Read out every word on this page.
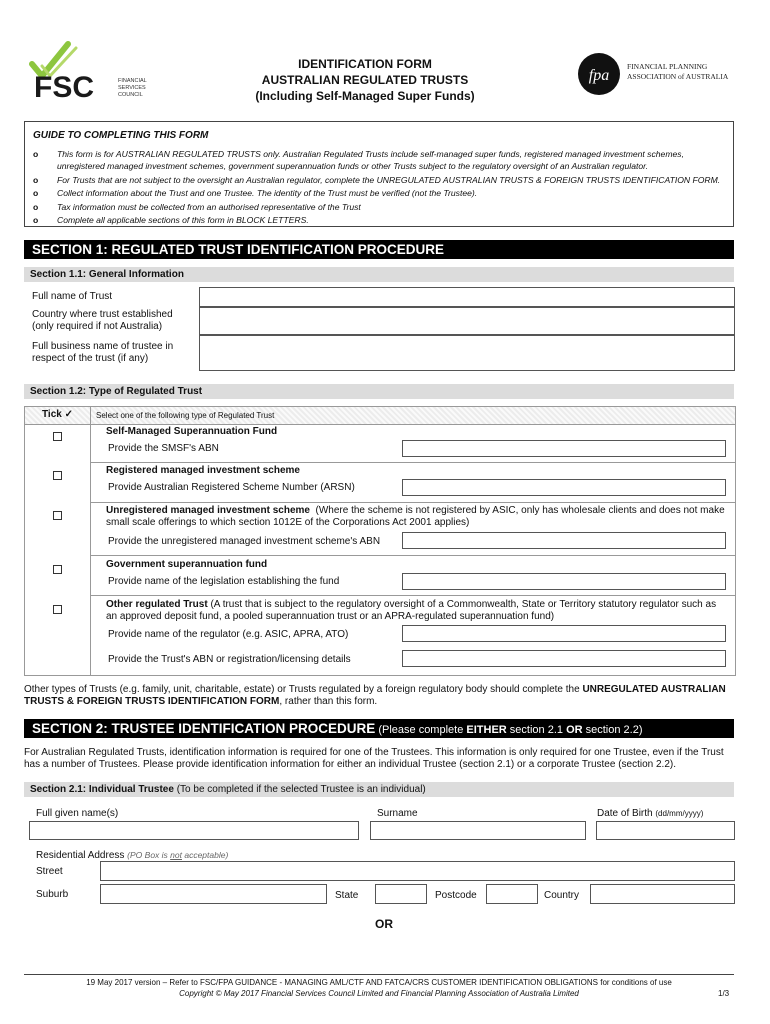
FSC	FINANCIAL
SERVICES
COUNCIL
IDENTIFICATION FORM
AUSTRALIAN REGULATED TRUSTS
(Including Self-Managed Super Funds)
fpa
FINANCIAL PLANNING
ASSOCIATION of AUSTRALIA
GUIDE TO COMPLETING THIS FORM
o This form is for AUSTRALIAN REGULATED TRUSTS only. Australian Regulated Trusts include self-managed super funds, registered managed investment schemes, unregistered managed investment schemes, government superannuation funds or other Trusts subject to the regulatory oversight of an Australian regulator.
o For Trusts that are not subject to the oversight an Australian regulator, complete the UNREGULATED AUSTRALIAN TRUSTS & FOREIGN TRUSTS IDENTIFICATION FORM.
o Collect information about the Trust and one Trustee. The identity of the Trust must be verified (not the Trustee).
o Tax information must be collected from an authorised representative of the Trust
o Complete all applicable sections of this form in BLOCK LETTERS.
SECTION 1: REGULATED TRUST IDENTIFICATION PROCEDURE
Section 1.1: General Information
Full name of Trust
Country where trust established
(only required if not Australia)
Full business name of trustee in
respect of the trust (if any)
Section 1.2: Type of Regulated Trust
Tick ✓	Select one of the following type of Regulated Trust
Self-Managed Superannuation Fund
Provide the SMSF's ABN
Registered managed investment scheme
Provide Australian Registered Scheme Number (ARSN)
Unregistered managed investment scheme (Where the scheme is not registered by ASIC, only has wholesale clients and does not make small scale offerings to which section 1012E of the Corporations Act 2001 applies)
Provide the unregistered managed investment scheme's ABN
Government superannuation fund
Provide name of the legislation establishing the fund
Other regulated Trust (A trust that is subject to the regulatory oversight of a Commonwealth, State or Territory statutory regulator such as an approved deposit fund, a pooled superannuation trust or an APRA-regulated superannuation fund)
Provide name of the regulator (e.g. ASIC, APRA, ATO)
Provide the Trust's ABN or registration/licensing details
Other types of Trusts (e.g. family, unit, charitable, estate) or Trusts regulated by a foreign regulatory body should complete the UNREGULATED AUSTRALIAN TRUSTS & FOREIGN TRUSTS IDENTIFICATION FORM, rather than this form.
SECTION 2: TRUSTEE IDENTIFICATION PROCEDURE (Please complete EITHER section 2.1 OR section 2.2)
For Australian Regulated Trusts, identification information is required for one of the Trustees. This information is only required for one Trustee, even if the Trust has a number of Trustees. Please provide identification information for either an individual Trustee (section 2.1) or a corporate Trustee (section 2.2).
Section 2.1: Individual Trustee (To be completed if the selected Trustee is an individual)
Full given name(s)	Surname	Date of Birth (dd/mm/yyyy)
Residential Address (PO Box is not acceptable)
Street
Suburb	State	Postcode	Country
OR
19 May 2017 version – Refer to FSC/FPA GUIDANCE - MANAGING AML/CTF AND FATCA/CRS CUSTOMER IDENTIFICATION OBLIGATIONS for conditions of use
Copyright © May 2017 Financial Services Council Limited and Financial Planning Association of Australia Limited	1/3
